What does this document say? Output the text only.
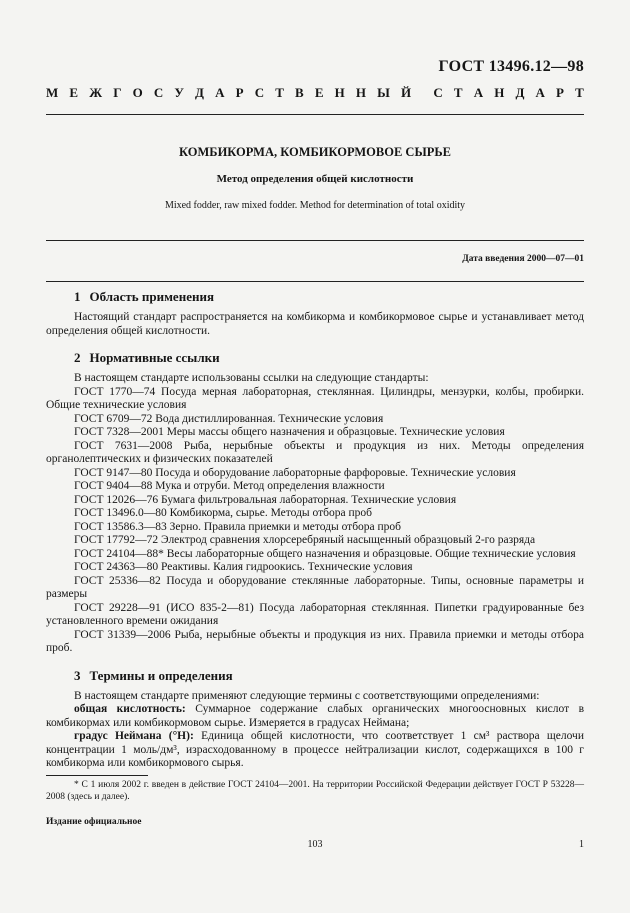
ГОСТ 13496.12—98
М Е Ж Г О С У Д А Р С Т В Е Н Н Ы Й С Т А Н Д А Р Т
КОМБИКОРМА, КОМБИКОРМОВОЕ СЫРЬЕ
Метод определения общей кислотности
Mixed fodder, raw mixed fodder. Method for determination of total oxidity
Дата введения 2000—07—01
1 Область применения

Настоящий стандарт распространяется на комбикорма и комбикормовое сырье и устанавливает метод определения общей кислотности.

2 Нормативные ссылки

В настоящем стандарте использованы ссылки на следующие стандарты:

ГОСТ 1770—74 Посуда мерная лабораторная, стеклянная. Цилиндры, мензурки, колбы, пробирки. Общие технические условия

ГОСТ 6709—72 Вода дистиллированная. Технические условия

ГОСТ 7328—2001 Меры массы общего назначения и образцовые. Технические условия

ГОСТ 7631—2008 Рыба, нерыбные объекты и продукция из них. Методы определения органолептических и физических показателей

ГОСТ 9147—80 Посуда и оборудование лабораторные фарфоровые. Технические условия

ГОСТ 9404—88 Мука и отруби. Метод определения влажности

ГОСТ 12026—76 Бумага фильтровальная лабораторная. Технические условия

ГОСТ 13496.0—80 Комбикорма, сырье. Методы отбора проб

ГОСТ 13586.3—83 Зерно. Правила приемки и методы отбора проб

ГОСТ 17792—72 Электрод сравнения хлорсеребряный насыщенный образцовый 2-го разряда

ГОСТ 24104—88* Весы лабораторные общего назначения и образцовые. Общие технические условия

ГОСТ 24363—80 Реактивы. Калия гидроокись. Технические условия

ГОСТ 25336—82 Посуда и оборудование стеклянные лабораторные. Типы, основные параметры и размеры

ГОСТ 29228—91 (ИСО 835-2—81) Посуда лабораторная стеклянная. Пипетки градуированные без установленного времени ожидания

ГОСТ 31339—2006 Рыба, нерыбные объекты и продукция из них. Правила приемки и методы отбора проб.

3 Термины и определения

В настоящем стандарте применяют следующие термины с соответствующими определениями:

общая кислотность: Суммарное содержание слабых органических многоосновных кислот в комбикормах или комбикормовом сырье. Измеряется в градусах Неймана;

градус Неймана (°Н): Единица общей кислотности, что соответствует 1 см³ раствора щелочи концентрации 1 моль/дм³, израсходованному в процессе нейтрализации кислот, содержащихся в 100 г комбикорма или комбикормового сырья.

* С 1 июля 2002 г. введен в действие ГОСТ 24104—2001. На территории Российской Федерации действует ГОСТ Р 53228—2008 (здесь и далее).

Издание официальное
103	1
